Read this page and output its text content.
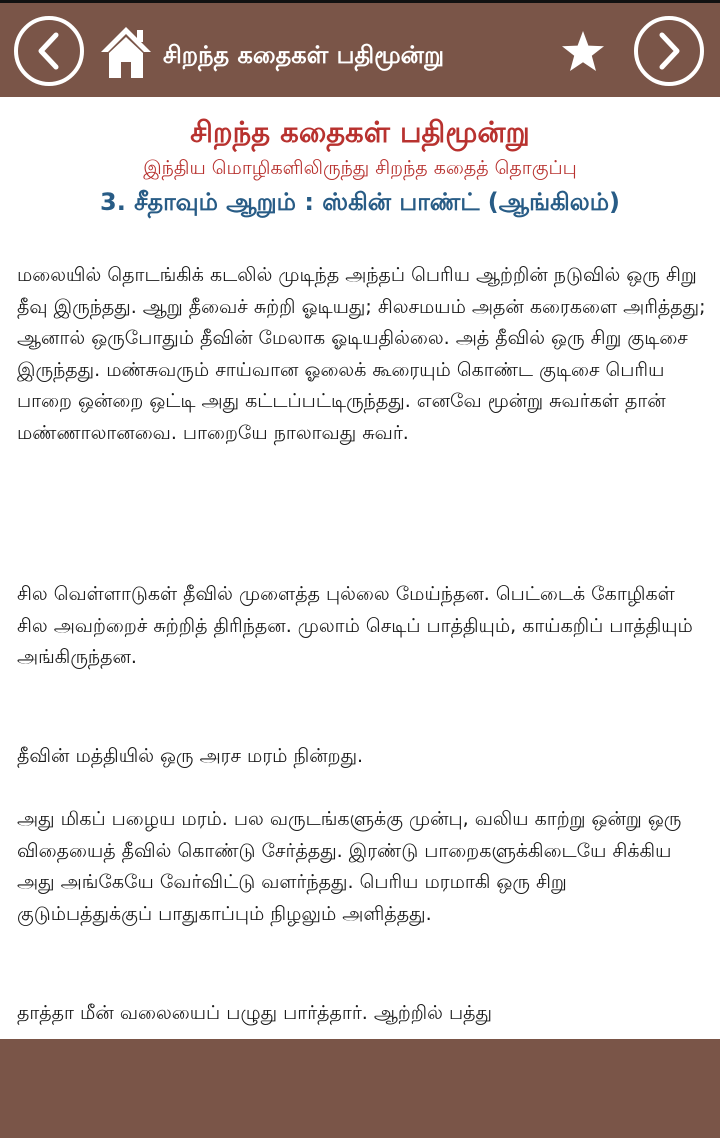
சிறந்த கதைகள் பதிமூன்று
சிறந்த கதைகள் பதிமூன்று
இந்திய மொழிகளிலிருந்து சிறந்த கதைத் தொகுப்பு
3. சீதாவும் ஆறும் : ஸ்கின் பாண்ட் (ஆங்கிலம்)

மலையில் தொடங்கிக் கடலில் முடிந்த அந்தப் பெரிய ஆற்றின் நடுவில் ஒரு சிறு தீவு இருந்தது. ஆறு தீவைச் சுற்றி ஓடியது; சிலசமயம் அதன் கரைகளை அரித்தது; ஆனால் ஒருபோதும் தீவின் மேலாக ஓடியதில்லை. அத் தீவில் ஒரு சிறு குடிசை இருந்தது. மண்சுவரும் சாய்வான ஓலைக் கூரையும் கொண்ட குடிசை பெரிய பாறை ஒன்றை ஒட்டி அது கட்டப்பட்டிருந்தது. எனவே மூன்று சுவர்கள் தான் மண்ணாலானவை. பாறையே நாலாவது சுவர்.

சில வெள்ளாடுகள் தீவில் முளைத்த புல்லை மேய்ந்தன. பெட்டைக் கோழிகள் சில அவற்றைச் சுற்றித் திரிந்தன. முலாம் செடிப் பாத்தியும், காய்கறிப் பாத்தியும் அங்கிருந்தன.

தீவின் மத்தியில் ஒரு அரச மரம் நின்றது.

அது மிகப் பழைய மரம். பல வருடங்களுக்கு முன்பு, வலிய காற்று ஒன்று ஒரு விதையைத் தீவில் கொண்டு சேர்த்தது. இரண்டு பாறைகளுக்கிடையே சிக்கிய அது அங்கேயே வேர்விட்டு வளர்ந்தது. பெரிய மரமாகி ஒரு சிறு குடும்பத்துக்குப் பாதுகாப்பும் நிழலும் அளித்தது.

தாத்தா மீன் வலையைப் பழுது பார்த்தார். ஆற்றில் பத்து
